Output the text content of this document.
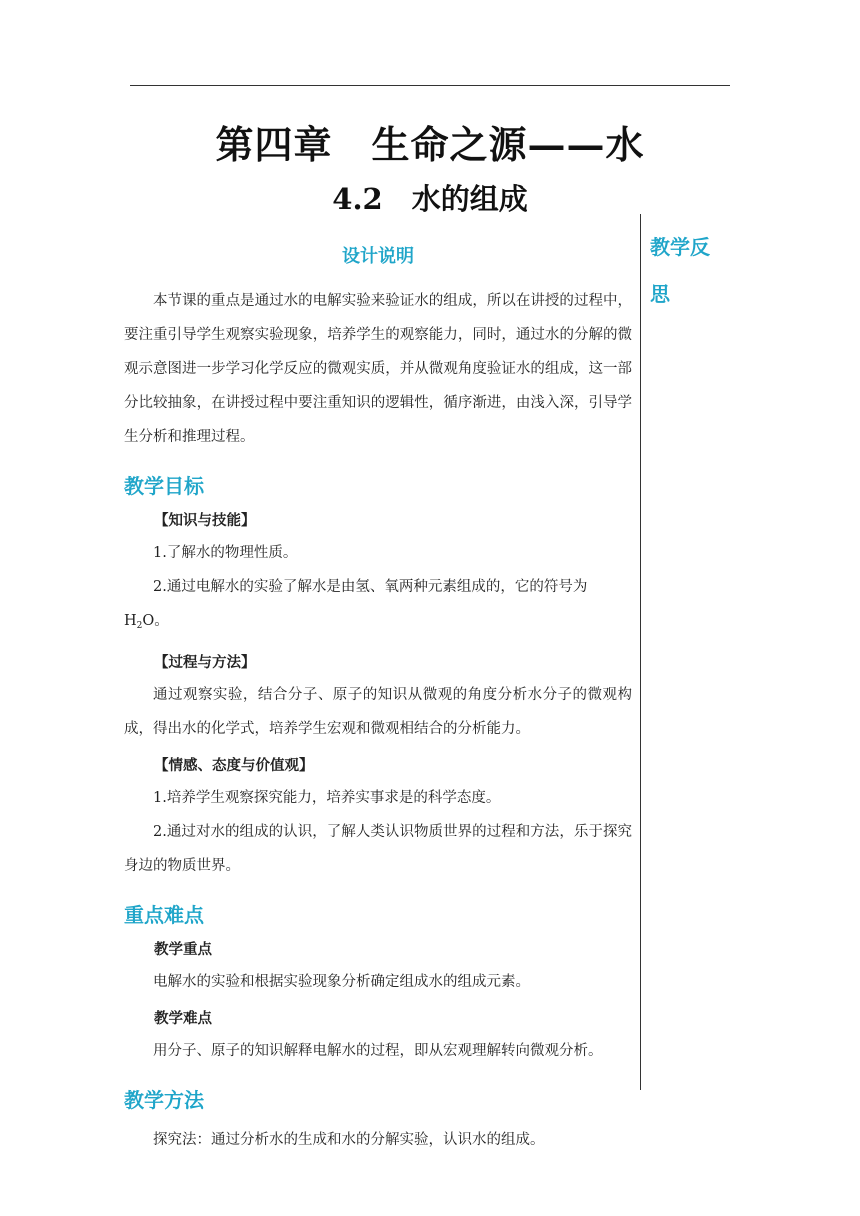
第四章　生命之源——水
4.2　水的组成
教学反思
设计说明

本节课的重点是通过水的电解实验来验证水的组成，所以在讲授的过程中，要注重引导学生观察实验现象，培养学生的观察能力，同时，通过水的分解的微观示意图进一步学习化学反应的微观实质，并从微观角度验证水的组成，这一部分比较抽象，在讲授过程中要注重知识的逻辑性，循序渐进，由浅入深，引导学生分析和推理过程。

教学目标
【知识与技能】

1.了解水的物理性质。

2.通过电解水的实验了解水是由氢、氧两种元素组成的，它的符号为 $H_2O$。

【过程与方法】

通过观察实验，结合分子、原子的知识从微观的角度分析水分子的微观构成，得出水的化学式，培养学生宏观和微观相结合的分析能力。

【情感、态度与价值观】

1.培养学生观察探究能力，培养实事求是的科学态度。

2.通过对水的组成的认识，了解人类认识物质世界的过程和方法，乐于探究身边的物质世界。

重点难点
教学重点

电解水的实验和根据实验现象分析确定组成水的组成元素。

教学难点

用分子、原子的知识解释电解水的过程，即从宏观理解转向微观分析。

教学方法

探究法：通过分析水的生成和水的分解实验，认识水的组成。
